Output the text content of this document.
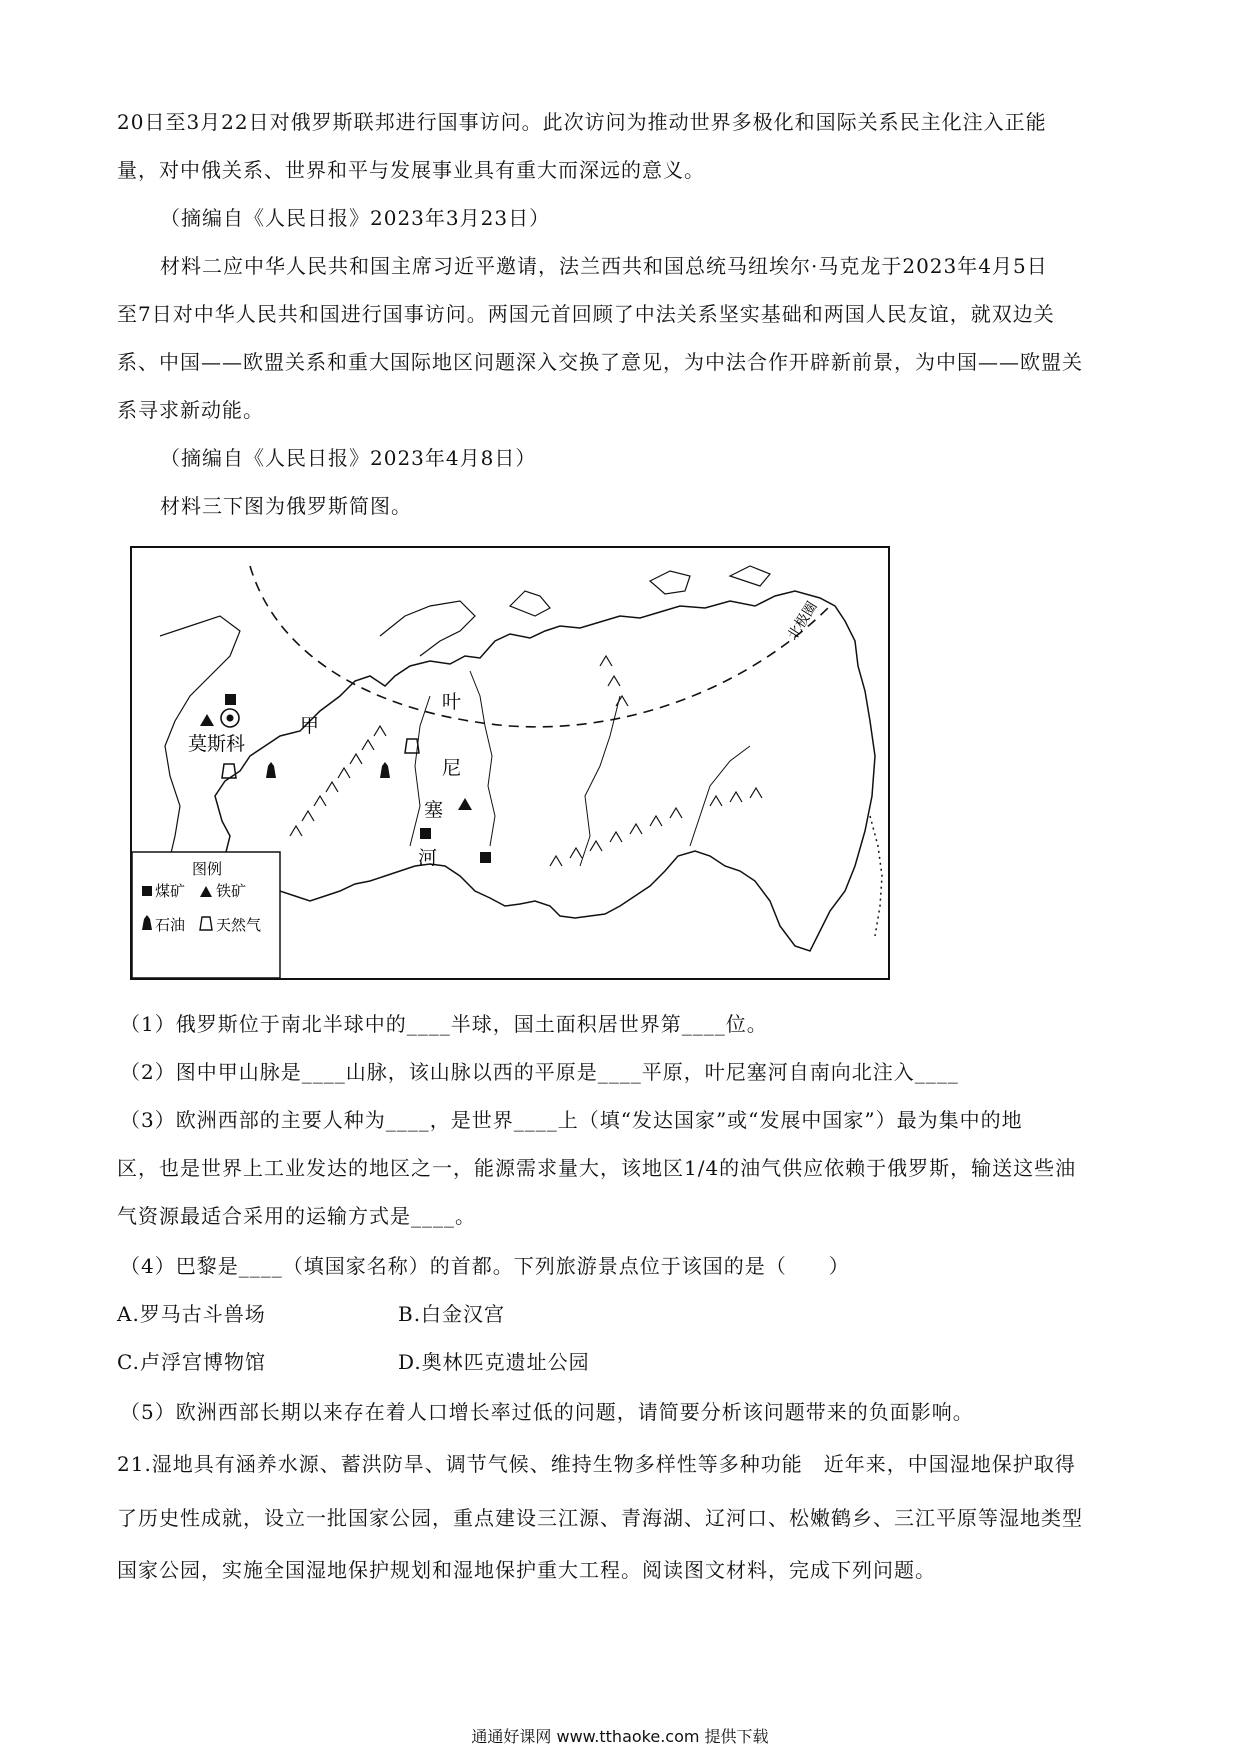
20日至3月22日对俄罗斯联邦进行国事访问。此次访问为推动世界多极化和国际关系民主化注入正能
量，对中俄关系、世界和平与发展事业具有重大而深远的意义。
（摘编自《人民日报》2023年3月23日）
材料二应中华人民共和国主席习近平邀请，法兰西共和国总统马纽埃尔·马克龙于2023年4月5日
至7日对中华人民共和国进行国事访问。两国元首回顾了中法关系坚实基础和两国人民友谊，就双边关
系、中国——欧盟关系和重大国际地区问题深入交换了意见，为中法合作开辟新前景，为中国——欧盟关
系寻求新动能。
（摘编自《人民日报》2023年4月8日）
材料三下图为俄罗斯简图。
北极圈
莫斯科
甲
叶
尼
塞
河
图例
煤矿 铁矿
石油 天然气
（1）俄罗斯位于南北半球中的____半球，国土面积居世界第____位。
（2）图中甲山脉是____山脉，该山脉以西的平原是____平原，叶尼塞河自南向北注入____
（3）欧洲西部的主要人种为____，是世界____上（填“发达国家”或“发展中国家”）最为集中的地
区，也是世界上工业发达的地区之一，能源需求量大，该地区1/4的油气供应依赖于俄罗斯，输送这些油
气资源最适合采用的运输方式是____。
（4）巴黎是____（填国家名称）的首都。下列旅游景点位于该国的是（　　）
A.罗马古斗兽场	B.白金汉宫
C.卢浮宫博物馆	D.奥林匹克遗址公园
（5）欧洲西部长期以来存在着人口增长率过低的问题，请简要分析该问题带来的负面影响。
21.湿地具有涵养水源、蓄洪防旱、调节气候、维持生物多样性等多种功能　近年来，中国湿地保护取得
了历史性成就，设立一批国家公园，重点建设三江源、青海湖、辽河口、松嫩鹤乡、三江平原等湿地类型
国家公园，实施全国湿地保护规划和湿地保护重大工程。阅读图文材料，完成下列问题。
通通好课网 www.tthaoke.com 提供下载
